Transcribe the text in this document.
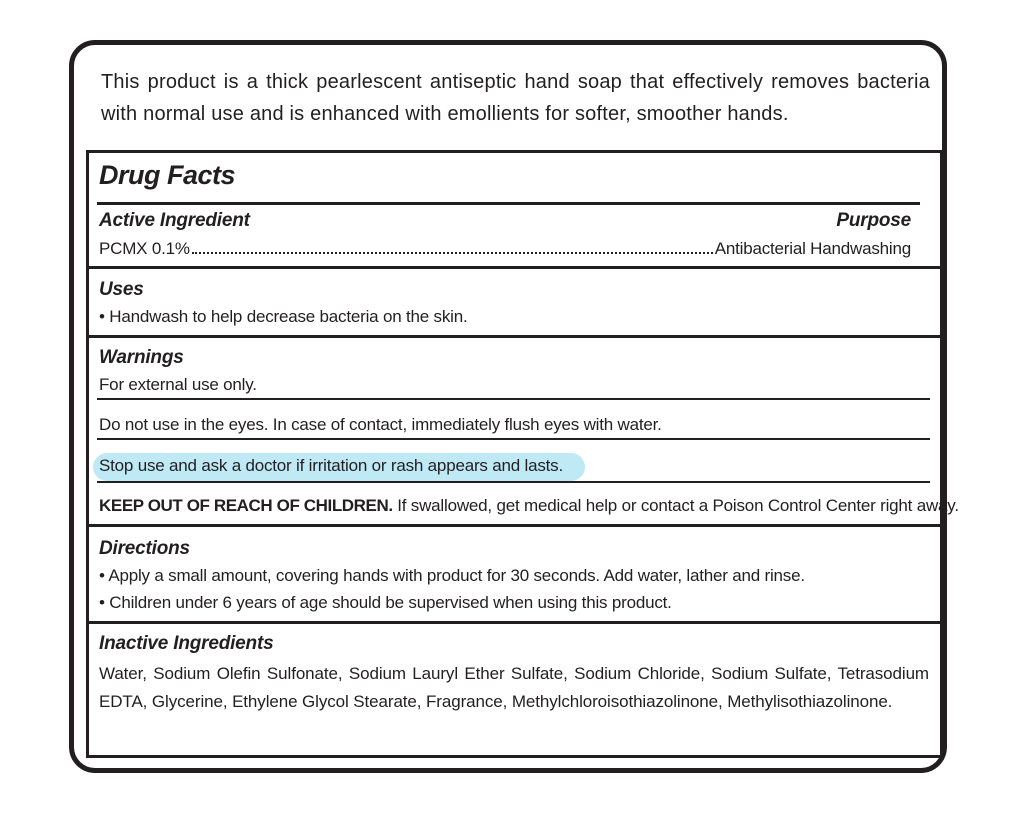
This product is a thick pearlescent antiseptic hand soap that effectively removes bacteria with normal use and is enhanced with emollients for softer, smoother hands.

Drug Facts
Active Ingredient	Purpose
PCMX 0.1%	Antibacterial Handwashing
Uses
• Handwash to help decrease bacteria on the skin.
Warnings
For external use only.
Do not use in the eyes. In case of contact, immediately flush eyes with water.
Stop use and ask a doctor if irritation or rash appears and lasts.
KEEP OUT OF REACH OF CHILDREN. If swallowed, get medical help or contact a Poison Control Center right away.
Directions
• Apply a small amount, covering hands with product for 30 seconds. Add water, lather and rinse.
• Children under 6 years of age should be supervised when using this product.
Inactive Ingredients

Water, Sodium Olefin Sulfonate, Sodium Lauryl Ether Sulfate, Sodium Chloride, Sodium Sulfate, Tetrasodium EDTA, Glycerine, Ethylene Glycol Stearate, Fragrance, Methylchloroisothiazolinone, Methylisothiazolinone.
